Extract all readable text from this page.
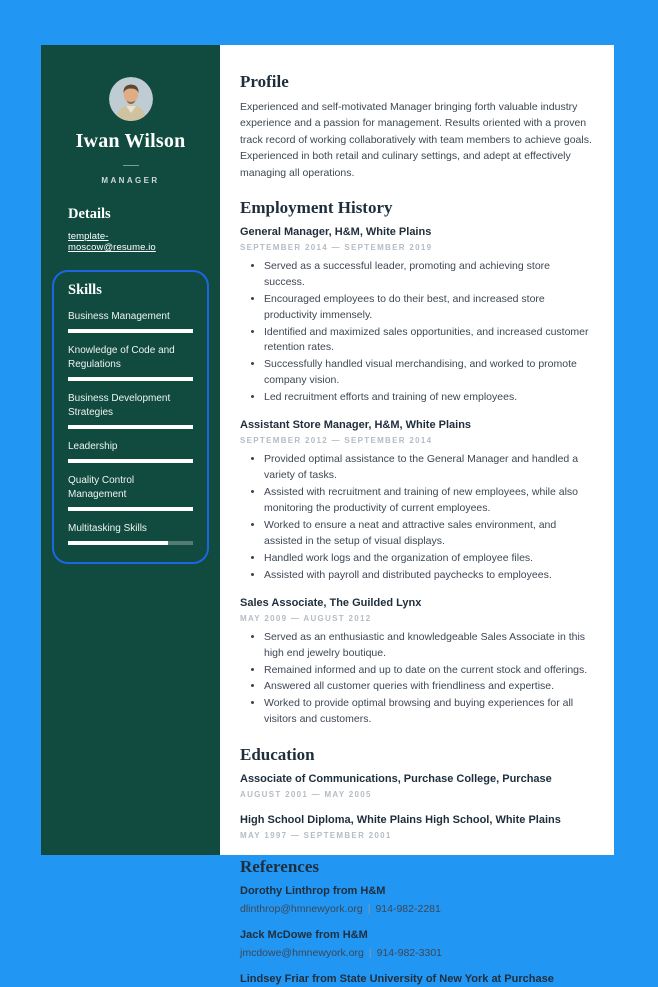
Iwan Wilson
MANAGER
Details
template-moscow@resume.io
Skills
Business Management
Knowledge of Code and Regulations
Business Development Strategies
Leadership
Quality Control Management
Multitasking Skills
Profile

Experienced and self-motivated Manager bringing forth valuable industry experience and a passion for management. Results oriented with a proven track record of working collaboratively with team members to achieve goals. Experienced in both retail and culinary settings, and adept at effectively managing all operations.

Employment History
General Manager, H&M, White Plains
SEPTEMBER 2014 — SEPTEMBER 2019
• Served as a successful leader, promoting and achieving store success.
• Encouraged employees to do their best, and increased store productivity immensely.
• Identified and maximized sales opportunities, and increased customer retention rates.
• Successfully handled visual merchandising, and worked to promote company vision.
• Led recruitment efforts and training of new employees.
Assistant Store Manager, H&M, White Plains
SEPTEMBER 2012 — SEPTEMBER 2014
• Provided optimal assistance to the General Manager and handled a variety of tasks.
• Assisted with recruitment and training of new employees, while also monitoring the productivity of current employees.
• Worked to ensure a neat and attractive sales environment, and assisted in the setup of visual displays.
• Handled work logs and the organization of employee files.
• Assisted with payroll and distributed paychecks to employees.
Sales Associate, The Guilded Lynx
MAY 2009 — AUGUST 2012
• Served as an enthusiastic and knowledgeable Sales Associate in this high end jewelry boutique.
• Remained informed and up to date on the current stock and offerings.
• Answered all customer queries with friendliness and expertise.
• Worked to provide optimal browsing and buying experiences for all visitors and customers.
Education
Associate of Communications, Purchase College, Purchase
AUGUST 2001 — MAY 2005
High School Diploma, White Plains High School, White Plains
MAY 1997 — SEPTEMBER 2001
References
Dorothy Linthrop from H&M
dlinthrop@hmnewyork.org | 914-982-2281
Jack McDowe from H&M
jmcdowe@hmnewyork.org | 914-982-3301
Lindsey Friar from State University of New York at Purchase
